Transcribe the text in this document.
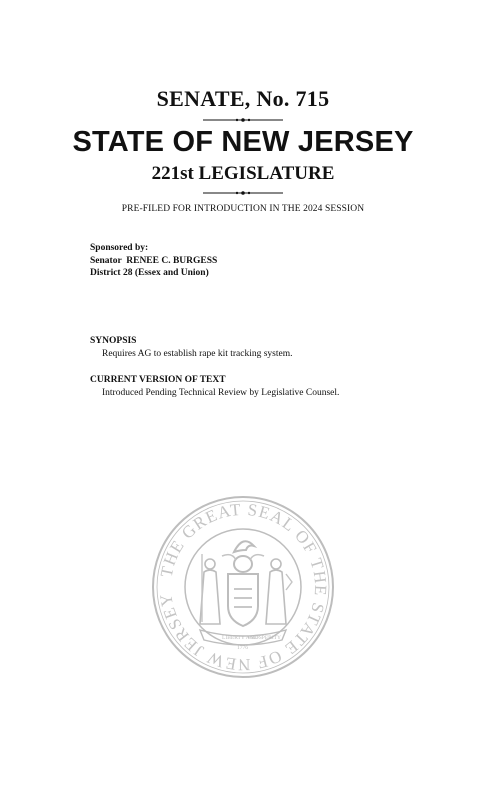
SENATE, No. 715
STATE OF NEW JERSEY
221st LEGISLATURE
PRE-FILED FOR INTRODUCTION IN THE 2024 SESSION
Sponsored by:
Senator  RENEE C. BURGESS
District 28 (Essex and Union)
SYNOPSIS
Requires AG to establish rape kit tracking system.
CURRENT VERSION OF TEXT
Introduced Pending Technical Review by Legislative Counsel.
THE GREAT SEAL OF THE STATE OF NEW JERSEY
LIBERTY AND
PROSPERITY
1776
